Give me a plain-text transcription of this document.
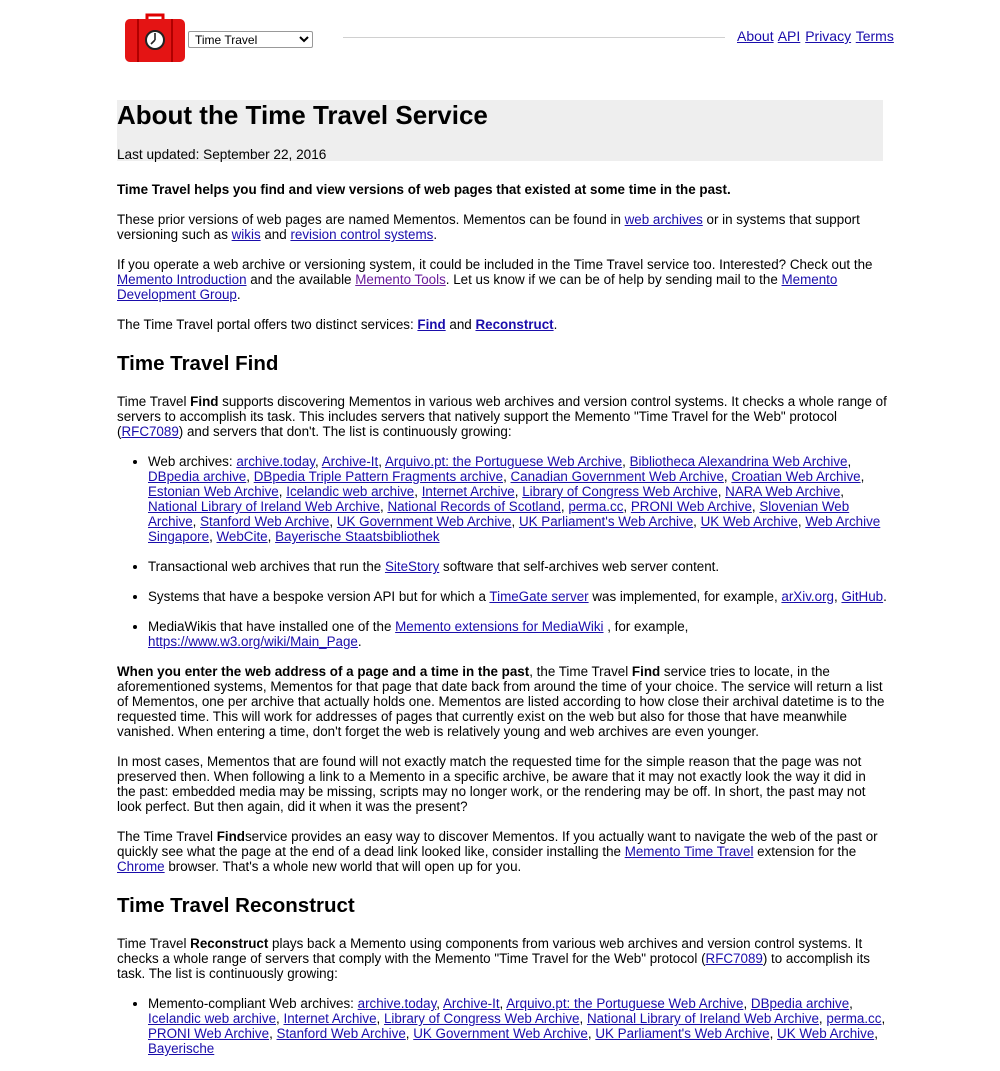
Time Travel
About API Privacy Terms
About the Time Travel Service
Last updated: September 22, 2016

Time Travel helps you find and view versions of web pages that existed at some time in the past.

These prior versions of web pages are named Mementos. Mementos can be found in web archives or in systems that support versioning such as wikis and revision control systems.

If you operate a web archive or versioning system, it could be included in the Time Travel service too. Interested? Check out the Memento Introduction and the available Memento Tools. Let us know if we can be of help by sending mail to the Memento Development Group.

The Time Travel portal offers two distinct services: Find and Reconstruct.

Time Travel Find

Time Travel Find supports discovering Mementos in various web archives and version control systems. It checks a whole range of servers to accomplish its task. This includes servers that natively support the Memento "Time Travel for the Web" protocol (RFC7089) and servers that don't. The list is continuously growing:

• Web archives: archive.today, Archive-It, Arquivo.pt: the Portuguese Web Archive, Bibliotheca Alexandrina Web Archive, DBpedia archive, DBpedia Triple Pattern Fragments archive, Canadian Government Web Archive, Croatian Web Archive, Estonian Web Archive, Icelandic web archive, Internet Archive, Library of Congress Web Archive, NARA Web Archive, National Library of Ireland Web Archive, National Records of Scotland, perma.cc, PRONI Web Archive, Slovenian Web Archive, Stanford Web Archive, UK Government Web Archive, UK Parliament's Web Archive, UK Web Archive, Web Archive Singapore, WebCite, Bayerische Staatsbibliothek
• Transactional web archives that run the SiteStory software that self-archives web server content.
• Systems that have a bespoke version API but for which a TimeGate server was implemented, for example, arXiv.org, GitHub.
• MediaWikis that have installed one of the Memento extensions for MediaWiki , for example, https://www.w3.org/wiki/Main_Page.

When you enter the web address of a page and a time in the past, the Time Travel Find service tries to locate, in the aforementioned systems, Mementos for that page that date back from around the time of your choice. The service will return a list of Mementos, one per archive that actually holds one. Mementos are listed according to how close their archival datetime is to the requested time. This will work for addresses of pages that currently exist on the web but also for those that have meanwhile vanished. When entering a time, don't forget the web is relatively young and web archives are even younger.

In most cases, Mementos that are found will not exactly match the requested time for the simple reason that the page was not preserved then. When following a link to a Memento in a specific archive, be aware that it may not exactly look the way it did in the past: embedded media may be missing, scripts may no longer work, or the rendering may be off. In short, the past may not look perfect. But then again, did it when it was the present?

The Time Travel Findservice provides an easy way to discover Mementos. If you actually want to navigate the web of the past or quickly see what the page at the end of a dead link looked like, consider installing the Memento Time Travel extension for the Chrome browser. That's a whole new world that will open up for you.

Time Travel Reconstruct

Time Travel Reconstruct plays back a Memento using components from various web archives and version control systems. It checks a whole range of servers that comply with the Memento "Time Travel for the Web" protocol (RFC7089) to accomplish its task. The list is continuously growing:

• Memento-compliant Web archives: archive.today, Archive-It, Arquivo.pt: the Portuguese Web Archive, DBpedia archive, Icelandic web archive, Internet Archive, Library of Congress Web Archive, National Library of Ireland Web Archive, perma.cc, PRONI Web Archive, Stanford Web Archive, UK Government Web Archive, UK Parliament's Web Archive, UK Web Archive, Bayerische
